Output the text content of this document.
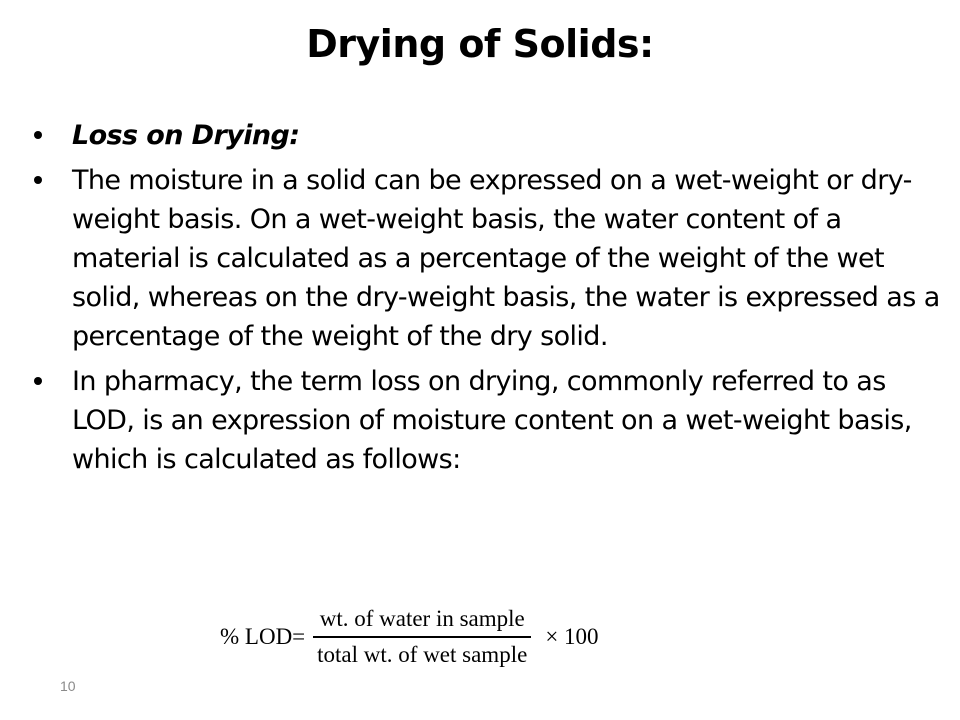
Drying of Solids:
Loss on Drying:
The moisture in a solid can be expressed on a wet-weight or dry-weight basis. On a wet-weight basis, the water content of a material is calculated as a percentage of the weight of the wet solid, whereas on the dry-weight basis, the water is expressed as a percentage of the weight of the dry solid.
In pharmacy, the term loss on drying, commonly referred to as LOD, is an expression of moisture content on a wet-weight basis, which is calculated as follows:
% $LOD= \frac{\text{wt. of water in sample}}{\text{total wt. of wet sample}} \times 100$
10
